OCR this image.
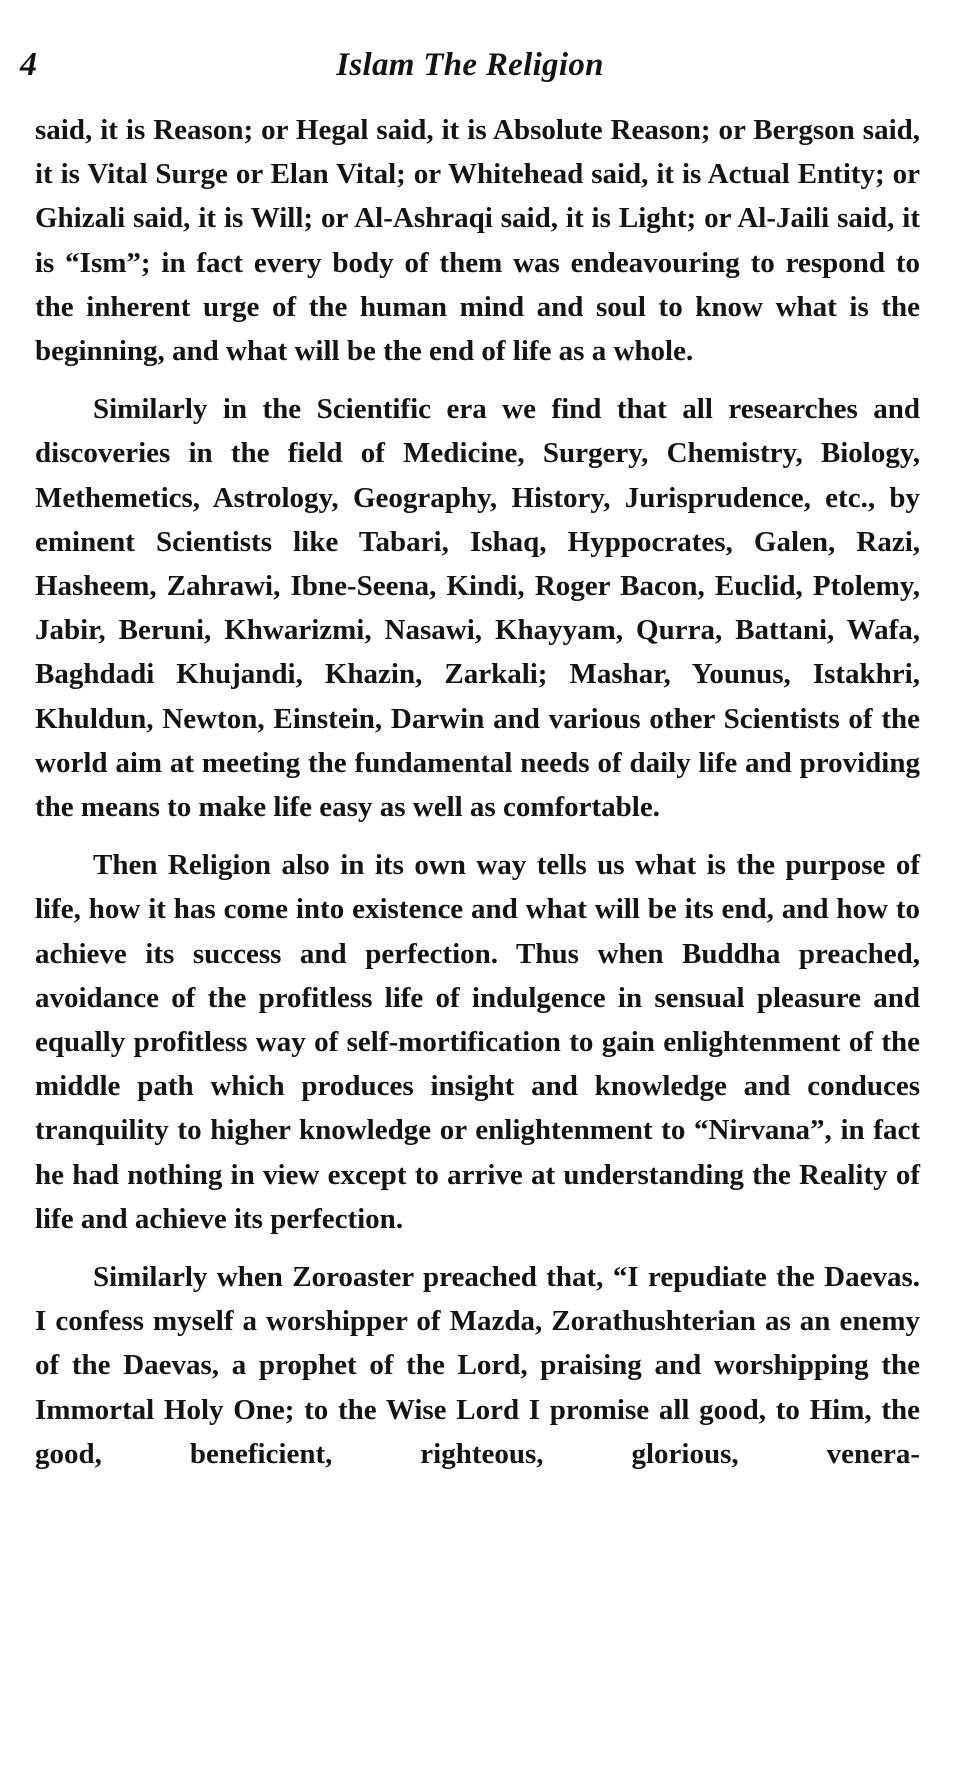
4	Islam The Religion

said, it is Reason; or Hegal said, it is Absolute Reason; or Bergson said, it is Vital Surge or Elan Vital; or Whitehead said, it is Actual Entity; or Ghizali said, it is Will; or Al-Ashraqi said, it is Light; or Al-Jaili said, it is “Ism”; in fact every body of them was endeavouring to respond to the inherent urge of the human mind and soul to know what is the beginning, and what will be the end of life as a whole.

Similarly in the Scientific era we find that all researches and discoveries in the field of Medicine, Surgery, Chemistry, Biology, Methemetics, Astrology, Geography, History, Jurisprudence, etc., by eminent Scientists like Tabari, Ishaq, Hyppocrates, Galen, Razi, Hasheem, Zahrawi, Ibne-Seena, Kindi, Roger Bacon, Euclid, Ptolemy, Jabir, Beruni, Khwarizmi, Nasawi, Khayyam, Qurra, Battani, Wafa, Baghdadi Khujandi, Khazin, Zarkali; Mashar, Younus, Istakhri, Khuldun, Newton, Einstein, Darwin and various other Scientists of the world aim at meeting the fundamental needs of daily life and providing the means to make life easy as well as comfortable.

Then Religion also in its own way tells us what is the purpose of life, how it has come into existence and what will be its end, and how to achieve its success and perfection. Thus when Buddha preached, avoidance of the profitless life of indulgence in sensual pleasure and equally profitless way of self-mortification to gain enlightenment of the middle path which produces insight and knowledge and conduces tranquility to higher knowledge or enlightenment to “Nirvana”, in fact he had nothing in view except to arrive at understanding the Reality of life and achieve its perfection.

Similarly when Zoroaster preached that, “I repudiate the Daevas. I confess myself a worshipper of Mazda, Zorathushterian as an enemy of the Daevas, a prophet of the Lord, praising and worshipping the Immortal Holy One; to the Wise Lord I promise all good, to Him, the good, beneficient, righteous, glorious, venera-
